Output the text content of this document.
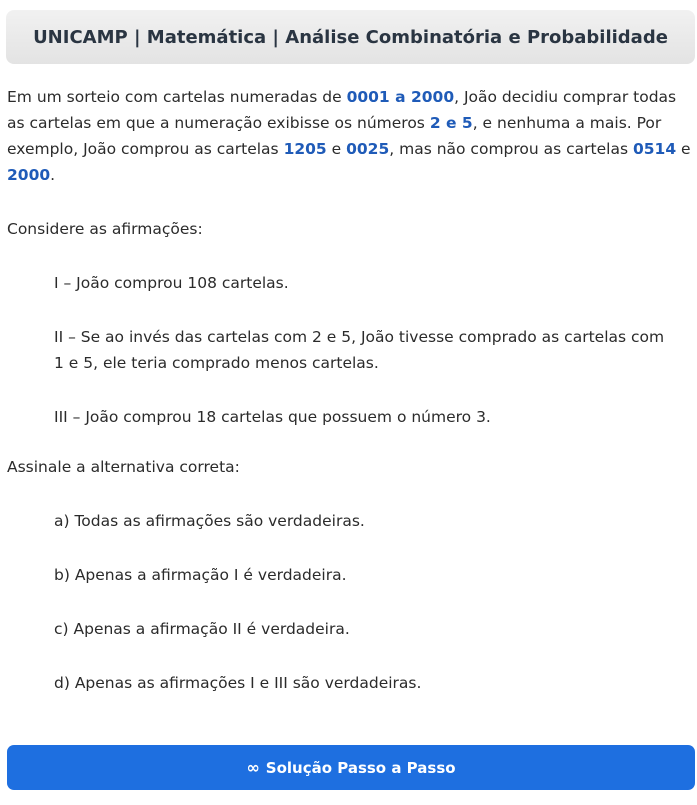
UNICAMP | Matemática | Análise Combinatória e Probabilidade
Em um sorteio com cartelas numeradas de 0001 a 2000, João decidiu comprar todas as cartelas em que a numeração exibisse os números 2 e 5, e nenhuma a mais. Por exemplo, João comprou as cartelas 1205 e 0025, mas não comprou as cartelas 0514 e 2000.
Considere as afirmações:
I – João comprou 108 cartelas.
II – Se ao invés das cartelas com 2 e 5, João tivesse comprado as cartelas com
1 e 5, ele teria comprado menos cartelas.
III – João comprou 18 cartelas que possuem o número 3.
Assinale a alternativa correta:
a) Todas as afirmações são verdadeiras.
b) Apenas a afirmação I é verdadeira.
c) Apenas a afirmação II é verdadeira.
d) Apenas as afirmações I e III são verdadeiras.
∞ Solução Passo a Passo
